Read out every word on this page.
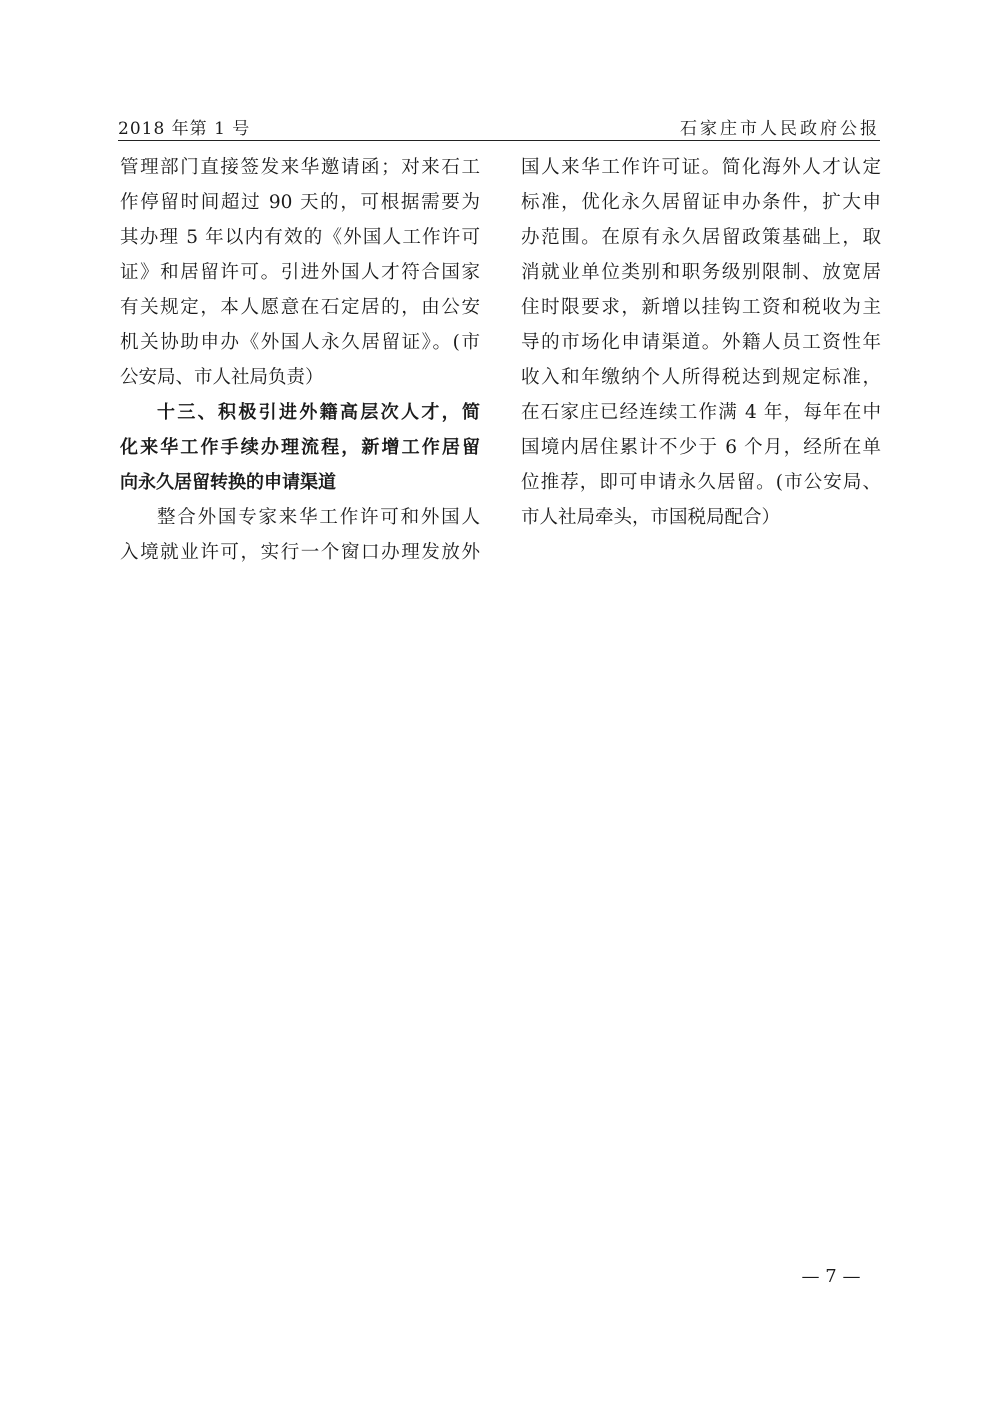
2018 年第 1 号	石家庄市人民政府公报
管理部门直接签发来华邀请函；对来石工
作停留时间超过 90 天的，可根据需要为
其办理 5 年以内有效的《外国人工作许可
证》和居留许可。引进外国人才符合国家
有关规定，本人愿意在石定居的，由公安
机关协助申办《外国人永久居留证》。(市
公安局、市人社局负责）
十三、积极引进外籍高层次人才，简
化来华工作手续办理流程，新增工作居留
向永久居留转换的申请渠道
整合外国专家来华工作许可和外国人
入境就业许可，实行一个窗口办理发放外
国人来华工作许可证。简化海外人才认定
标准，优化永久居留证申办条件，扩大申
办范围。在原有永久居留政策基础上，取
消就业单位类别和职务级别限制、放宽居
住时限要求，新增以挂钩工资和税收为主
导的市场化申请渠道。外籍人员工资性年
收入和年缴纳个人所得税达到规定标准，
在石家庄已经连续工作满 4 年，每年在中
国境内居住累计不少于 6 个月，经所在单
位推荐，即可申请永久居留。(市公安局、
市人社局牵头，市国税局配合）
— 7 —
